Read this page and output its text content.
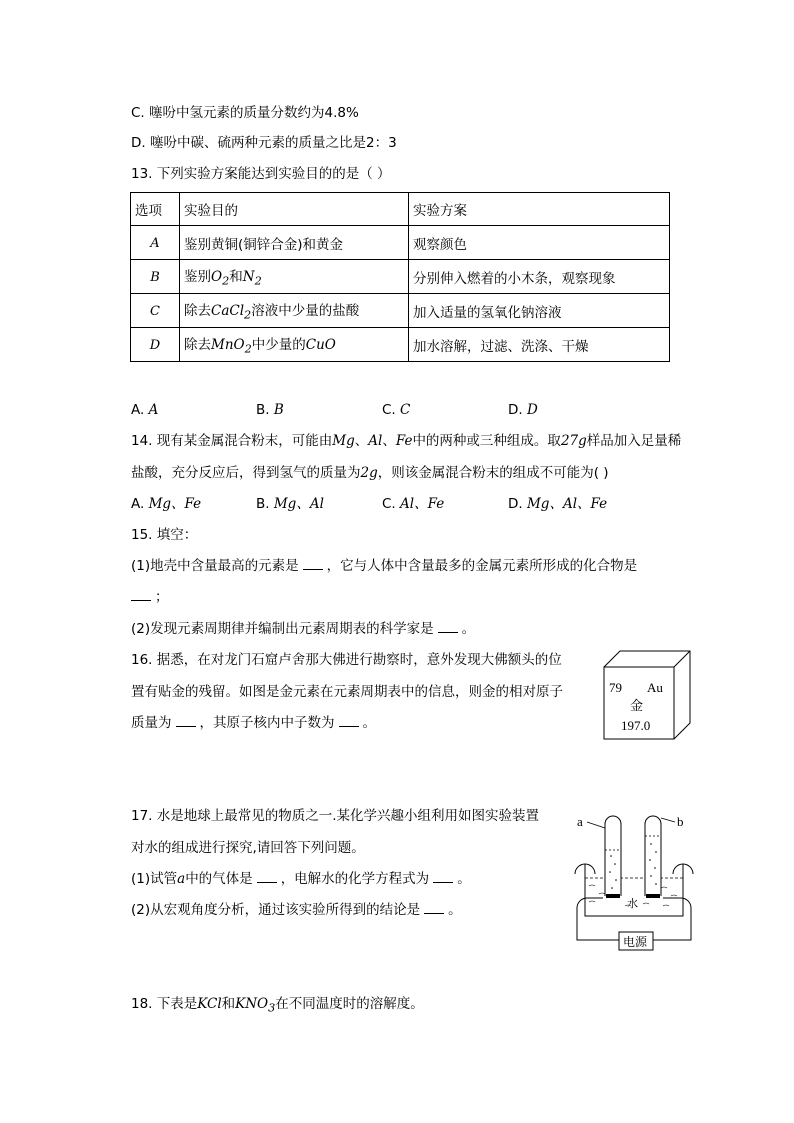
C. 噻吩中氢元素的质量分数约为4.8%
D. 噻吩中碳、硫两种元素的质量之比是2：3
13. 下列实验方案能达到实验目的的是（ ）
选项	实验目的	实验方案
A	鉴别黄铜(铜锌合金)和黄金	观察颜色
B	鉴别$O_2$和$N_2$	分别伸入燃着的小木条，观察现象
C	除去CaCl$_2$溶液中少量的盐酸	加入适量的氢氧化钠溶液
D	除去MnO$_2$中少量的CuO	加水溶解，过滤、洗涤、干燥
A. A	B. B	C. C	D. D
14. 现有某金属混合粉末，可能由Mg、Al、Fe中的两种或三种组成。取27g样品加入足量稀
盐酸，充分反应后，得到氢气的质量为2g，则该金属混合粉末的组成不可能为( )
A. Mg、Fe	B. Mg、Al	C. Al、Fe	D. Mg、Al、Fe
15. 填空：
(1)地壳中含量最高的元素是 ，它与人体中含量最多的金属元素所形成的化合物是
；
(2)发现元素周期律并编制出元素周期表的科学家是 。
16. 据悉，在对龙门石窟卢舍那大佛进行勘察时，意外发现大佛额头的位
置有贴金的残留。如图是金元素在元素周期表中的信息，则金的相对原子
质量为 ，其原子核内中子数为 。
79 Au
金
197.0
17. 水是地球上最常见的物质之一.某化学兴趣小组利用如图实验装置
对水的组成进行探究,请回答下列问题。
(1)试管a中的气体是 ，电解水的化学方程式为 。
(2)从宏观角度分析，通过该实验所得到的结论是 。
电源
水
a	b
18. 下表是KCl和$KNO_3$在不同温度时的溶解度。
